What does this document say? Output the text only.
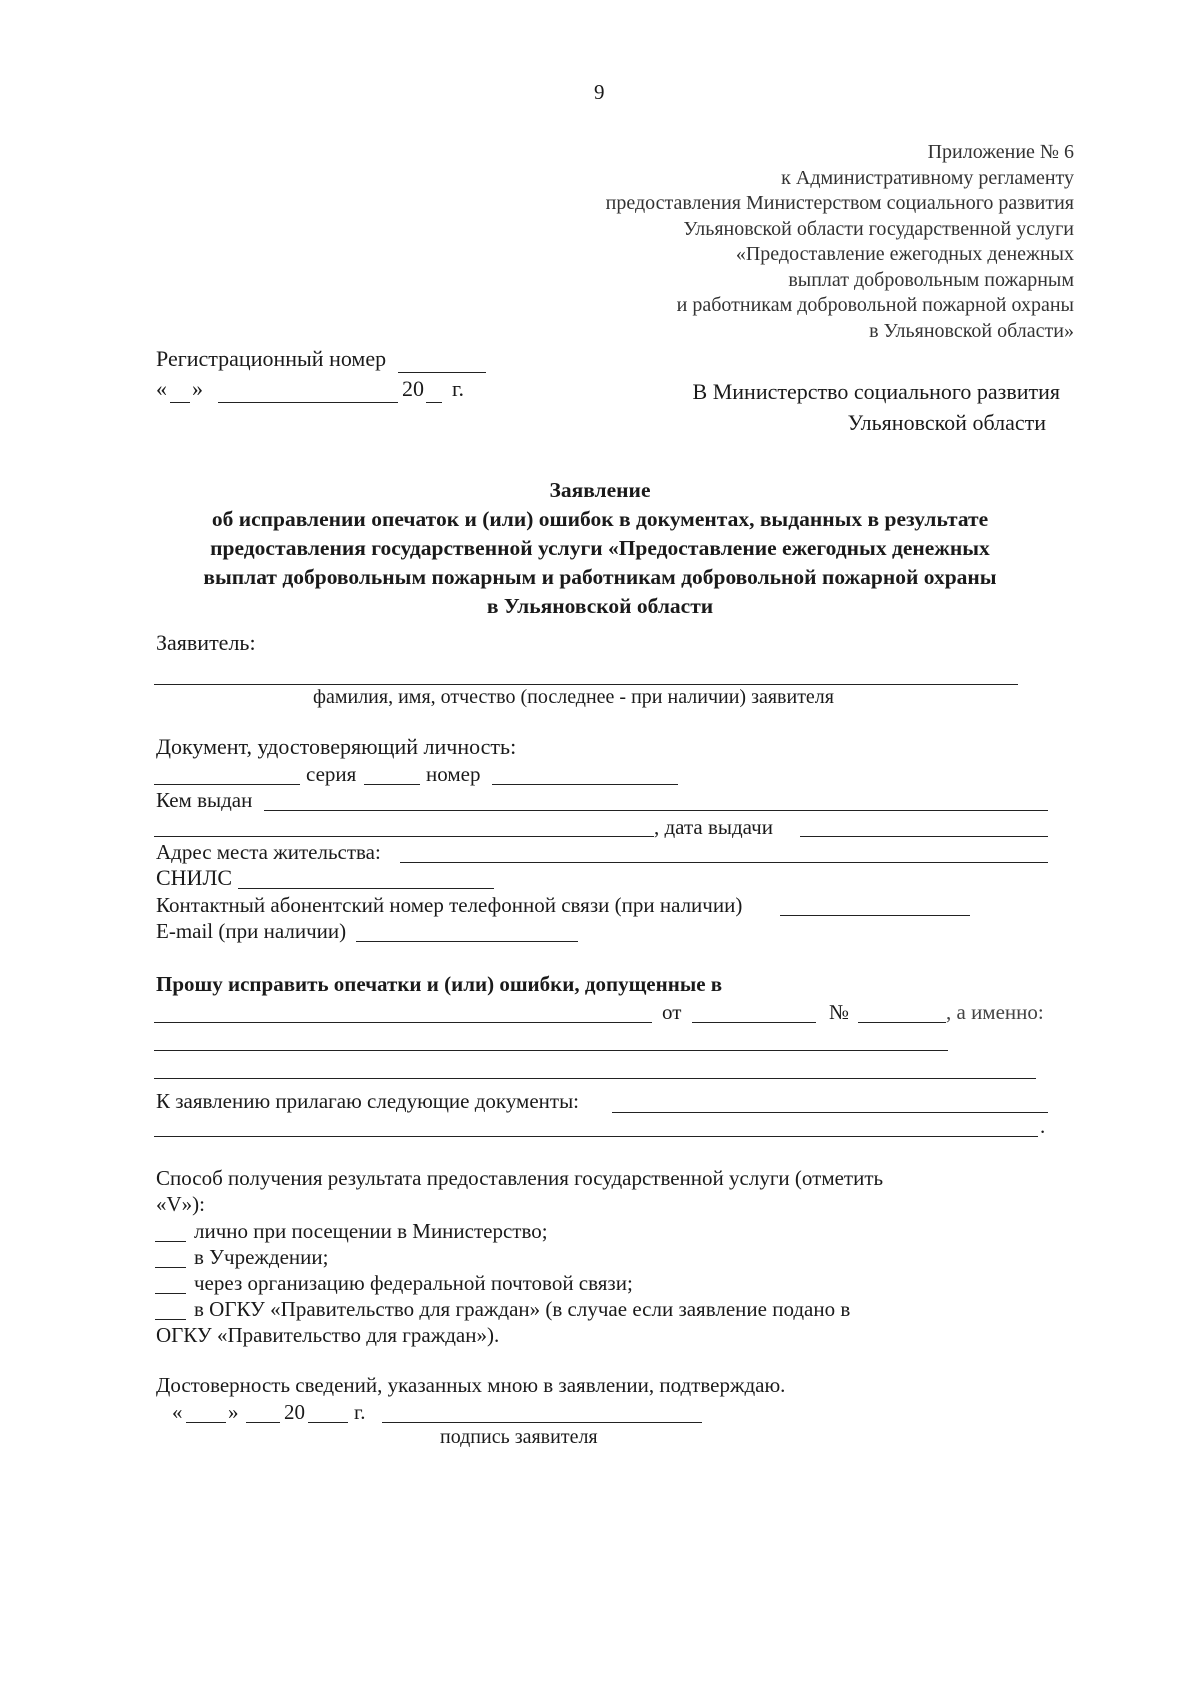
9
Приложение № 6
к Административному регламенту
предоставления Министерством социального развития
Ульяновской области государственной услуги
«Предоставление ежегодных денежных
выплат добровольным пожарным
и работникам добровольной пожарной охраны
в Ульяновской области»
Регистрационный номер
« »	20 г.	В Министерство социального развития
Ульяновской области
Заявление
об исправлении опечаток и (или) ошибок в документах, выданных в результате
предоставления государственной услуги «Предоставление ежегодных денежных
выплат добровольным пожарным и работникам добровольной пожарной охраны
в Ульяновской области
Заявитель:
фамилия, имя, отчество (последнее - при наличии) заявителя
Документ, удостоверяющий личность:
серия	номер
Кем выдан
, дата выдачи
Адрес места жительства:
СНИЛС
Контактный абонентский номер телефонной связи (при наличии)
E-mail (при наличии)
Прошу исправить опечатки и (или) ошибки, допущенные в
от	№	, а именно:
К заявлению прилагаю следующие документы:
.
Способ получения результата предоставления государственной услуги (отметить
«V»):
лично при посещении в Министерство;
в Учреждении;
через организацию федеральной почтовой связи;
в ОГКУ «Правительство для граждан» (в случае если заявление подано в
ОГКУ «Правительство для граждан»).
Достоверность сведений, указанных мною в заявлении, подтверждаю.
« » 20 г.
подпись заявителя
